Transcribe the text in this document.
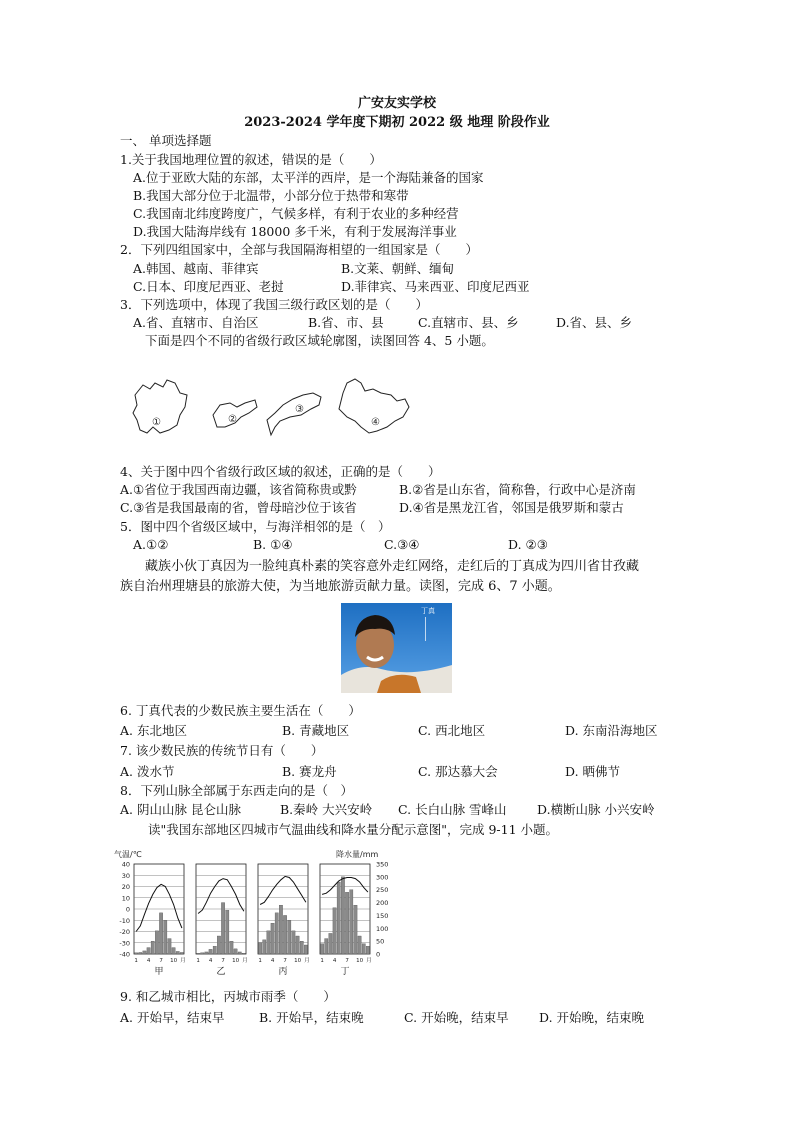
广安友实学校
2023-2024 学年度下期初 2022 级 地理 阶段作业
一、 单项选择题
1.关于我国地理位置的叙述，错误的是（　　）
A.位于亚欧大陆的东部，太平洋的西岸，是一个海陆兼备的国家
B.我国大部分位于北温带，小部分位于热带和寒带
C.我国南北纬度跨度广，气候多样，有利于农业的多种经营
D.我国大陆海岸线有 18000 多千米，有利于发展海洋事业
2．下列四组国家中，全部与我国隔海相望的一组国家是（　　）
A.韩国、越南、菲律宾	B.文莱、朝鲜、缅甸
C.日本、印度尼西亚、老挝	D.菲律宾、马来西亚、印度尼西亚
3．下列选项中，体现了我国三级行政区划的是（　　）
A.省、直辖市、自治区	B.省、市、县	C.直辖市、县、乡	D.省、县、乡
下面是四个不同的省级行政区域轮廓图，读图回答 4、5 小题。
①	②
③
④
4、关于图中四个省级行政区域的叙述，正确的是（　　）
A.①省位于我国西南边疆，该省简称贵或黔	B.②省是山东省，简称鲁，行政中心是济南
C.③省是我国最南的省，曾母暗沙位于该省	D.④省是黑龙江省，邻国是俄罗斯和蒙古
5．图中四个省级区域中，与海洋相邻的是（　）
A.①②	B. ①④	C.③④	D. ②③
藏族小伙丁真因为一脸纯真朴素的笑容意外走红网络，走红后的丁真成为四川省甘孜藏
族自治州理塘县的旅游大使，为当地旅游贡献力量。读图，完成 6、7 小题。
丁真
6. 丁真代表的少数民族主要生活在（　　）
A. 东北地区	B. 青藏地区	C. 西北地区	D. 东南沿海地区
7. 该少数民族的传统节日有（　　）
A. 泼水节	B. 赛龙舟	C. 那达慕大会	D. 晒佛节
8．下列山脉全部属于东西走向的是（　）
A. 阴山山脉 昆仑山脉	B.秦岭 大兴安岭 C. 长白山脉 雪峰山 D.横断山脉 小兴安岭
读"我国东部地区四城市气温曲线和降水量分配示意图"，完成 9-11 小题。
气温/℃	降水量/mm
40
30
20
10
0
-10
-20
-30
-40
350
300
250
200
150
100
50
0
1 4 7 10 月
甲
1 4 7 10 月
乙
1 4 7 10 月
丙
1 4 7 10 月
丁
9. 和乙城市相比，丙城市雨季（　　）
A. 开始早，结束早	B. 开始早，结束晚	C. 开始晚，结束早 D. 开始晚，结束晚
